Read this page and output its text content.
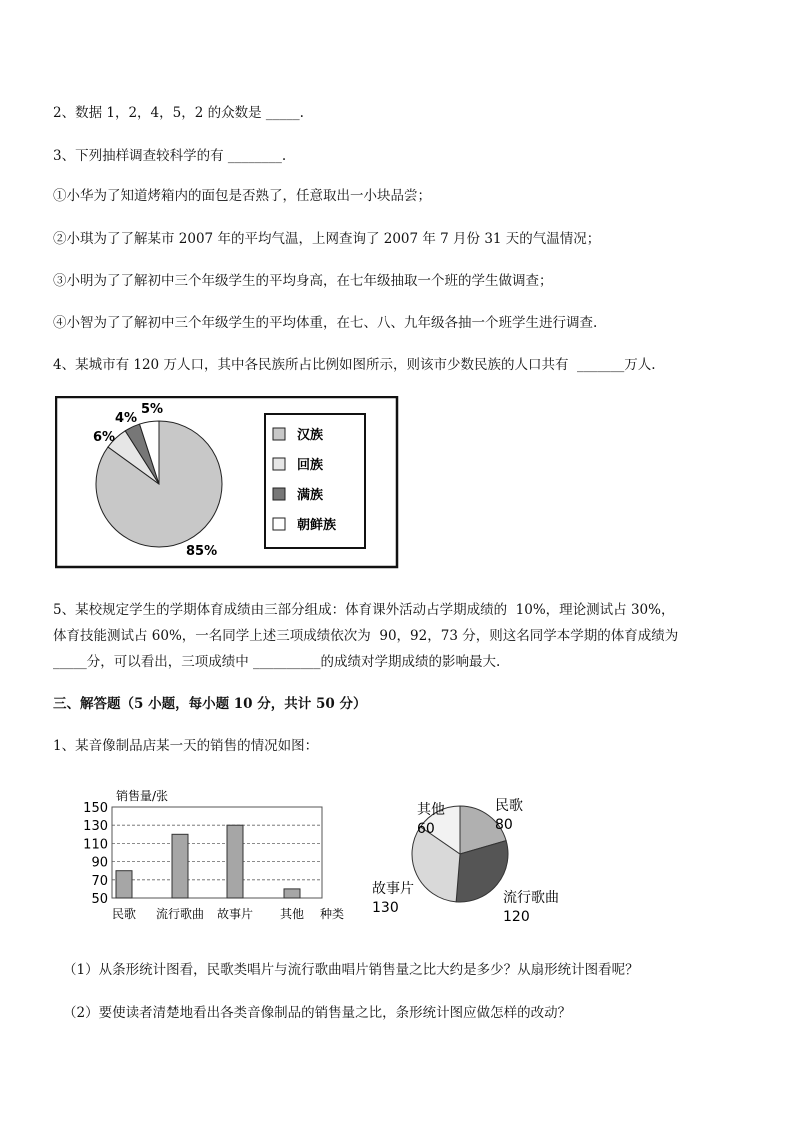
2、数据 1，2，4，5，2 的众数是 _____.
3、下列抽样调查较科学的有 ________.
①小华为了知道烤箱内的面包是否熟了，任意取出一小块品尝；
②小琪为了了解某市 2007 年的平均气温，上网查询了 2007 年 7 月份 31 天的气温情况；
③小明为了了解初中三个年级学生的平均身高，在七年级抽取一个班的学生做调查；
④小智为了了解初中三个年级学生的平均体重，在七、八、九年级各抽一个班学生进行调查.
4、某城市有 120 万人口，其中各民族所占比例如图所示，则该市少数民族的人口共有  _______万人.
85%
6%
4%
5%
汉族
回族
满族
朝鲜族
5、某校规定学生的学期体育成绩由三部分组成：体育课外活动占学期成绩的  10%，理论测试占 30%，
体育技能测试占 60%，一名同学上述三项成绩依次为  90，92，73 分，则这名同学本学期的体育成绩为
_____分，可以看出，三项成绩中 __________的成绩对学期成绩的影响最大.
三、解答题（5 小题，每小题 10 分，共计 50 分）
1、某音像制品店某一天的销售的情况如图：
销售量/张
150
130
110
90
70
50
民歌 流行歌曲 故事片 其他 种类
民歌
80
流行歌曲
120
故事片
130
其他
60
（1）从条形统计图看，民歌类唱片与流行歌曲唱片销售量之比大约是多少？从扇形统计图看呢？
（2）要使读者清楚地看出各类音像制品的销售量之比，条形统计图应做怎样的改动？
